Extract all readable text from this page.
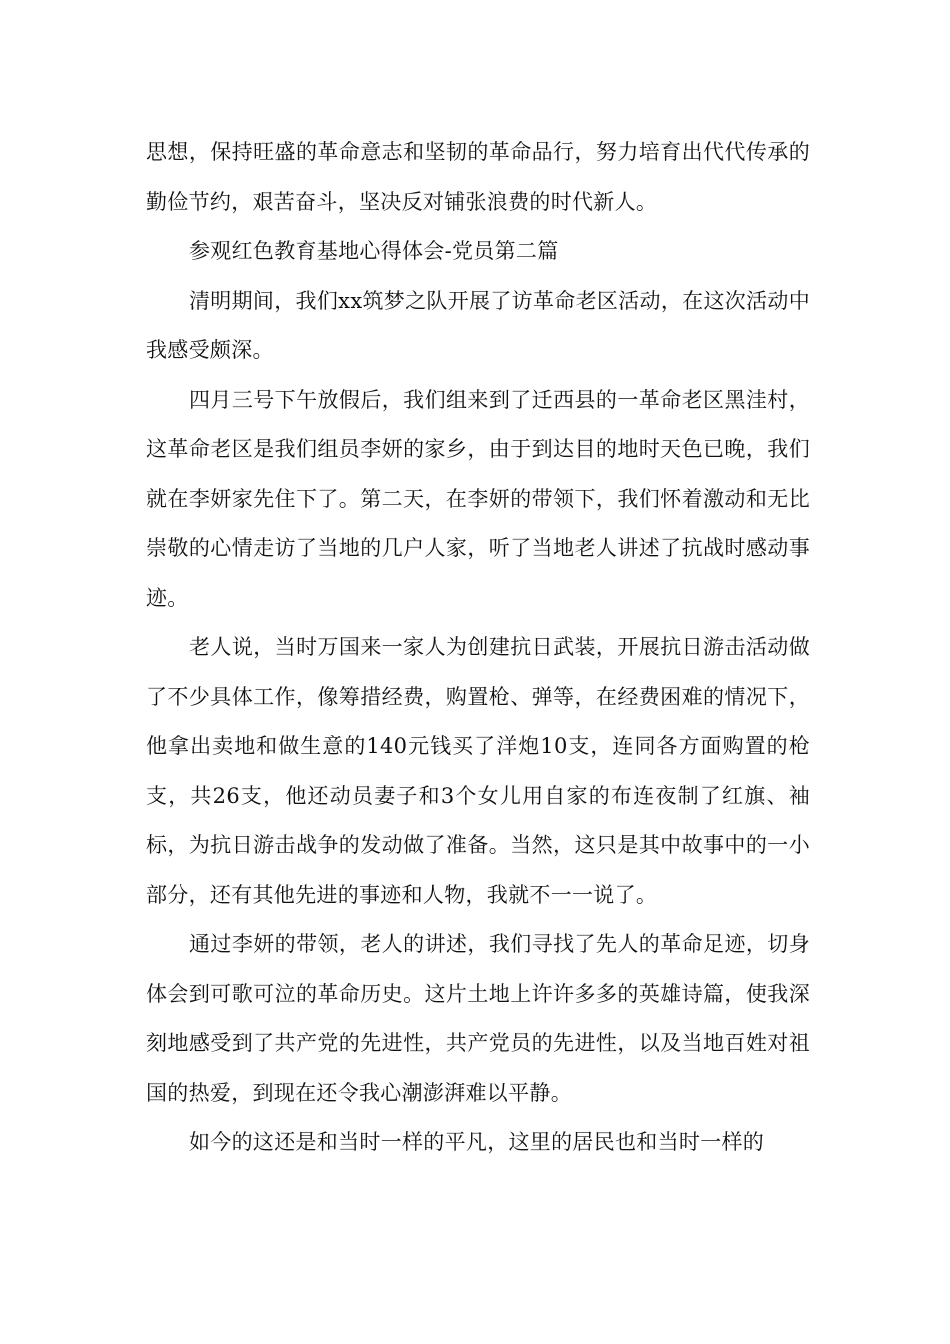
思想，保持旺盛的革命意志和坚韧的革命品行，努力培育出代代传承的勤俭节约，艰苦奋斗，坚决反对铺张浪费的时代新人。

参观红色教育基地心得体会-党员第二篇

清明期间，我们xx筑梦之队开展了访革命老区活动，在这次活动中我感受颇深。

四月三号下午放假后，我们组来到了迁西县的一革命老区黑洼村，这革命老区是我们组员李妍的家乡，由于到达目的地时天色已晚，我们就在李妍家先住下了。第二天，在李妍的带领下，我们怀着激动和无比崇敬的心情走访了当地的几户人家，听了当地老人讲述了抗战时感动事迹。

老人说，当时万国来一家人为创建抗日武装，开展抗日游击活动做了不少具体工作，像筹措经费，购置枪、弹等，在经费困难的情况下，他拿出卖地和做生意的140元钱买了洋炮10支，连同各方面购置的枪支，共26支，他还动员妻子和3个女儿用自家的布连夜制了红旗、袖标，为抗日游击战争的发动做了准备。当然，这只是其中故事中的一小部分，还有其他先进的事迹和人物，我就不一一说了。

通过李妍的带领，老人的讲述，我们寻找了先人的革命足迹，切身体会到可歌可泣的革命历史。这片土地上许许多多的英雄诗篇，使我深刻地感受到了共产党的先进性，共产党员的先进性，以及当地百姓对祖国的热爱，到现在还令我心潮澎湃难以平静。

如今的这还是和当时一样的平凡，这里的居民也和当时一样的
